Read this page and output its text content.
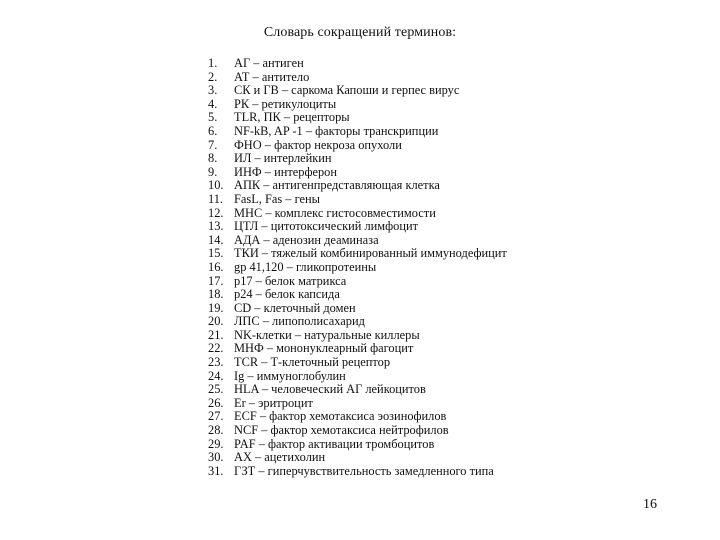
Словарь сокращений терминов:
1.	АГ – антиген
2.	АТ – антитело
3.	СК и ГВ – саркома Капоши и герпес вирус
4.	РК – ретикулоциты
5.	TLR, ПК – рецепторы
6.	NF-kB, AP -1 – факторы транскрипции
7.	ФНО – фактор некроза опухоли
8.	ИЛ – интерлейкин
9.	ИНФ – интерферон
10. АПК – антигенпредставляющая клетка
11. FasL, Fas – гены
12. МНС – комплекс гистосовместимости
13. ЦТЛ – цитотоксический лимфоцит
14. АДА – аденозин деаминаза
15. ТКИ – тяжелый комбинированный иммунодефицит
16. gp 41,120 – гликопротеины
17. p17 – белок матрикса
18. p24 – белок капсида
19. CD – клеточный домен
20. ЛПС – липополисахарид
21. NK-клетки – натуральные киллеры
22. МНФ – мононуклеарный фагоцит
23. TCR – Т-клеточный рецептор
24. Ig – иммуноглобулин
25. HLA – человеческий АГ лейкоцитов
26. Er – эритроцит
27. ECF – фактор хемотаксиса эозинофилов
28. NCF – фактор хемотаксиса нейтрофилов
29. PAF – фактор активации тромбоцитов
30. АХ – ацетихолин
31. ГЗТ – гиперчувствительность замедленного типа
16
